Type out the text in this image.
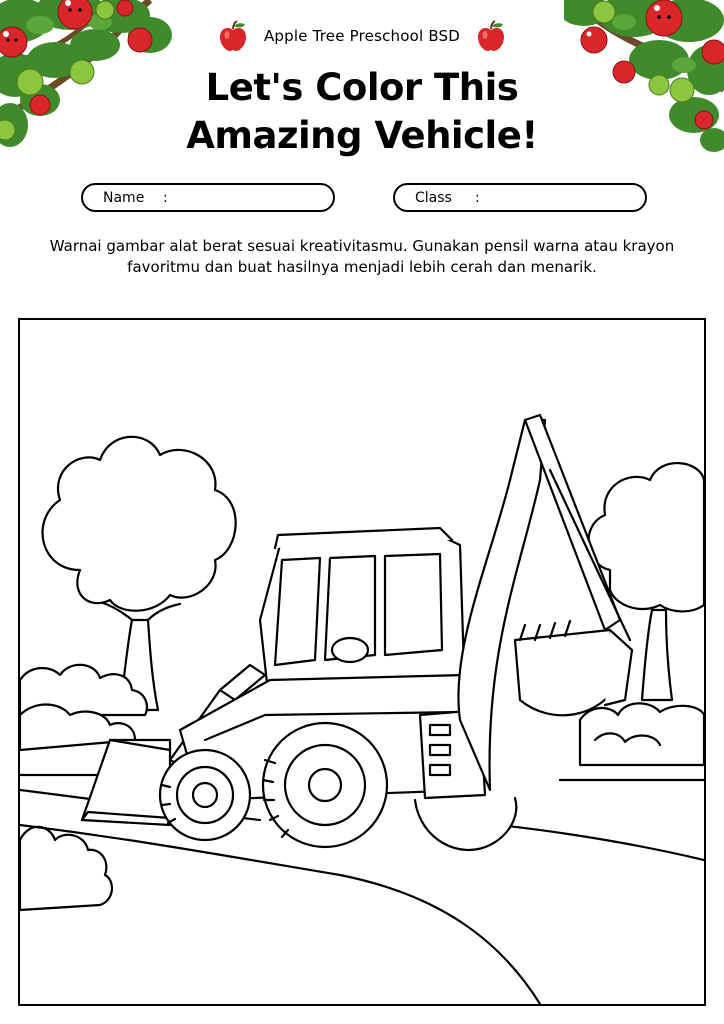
Apple Tree Preschool BSD
Let's Color This
Amazing Vehicle!
Name	:	Class	:
Warnai gambar alat berat sesuai kreativitasmu. Gunakan pensil warna atau krayon favoritmu dan buat hasilnya menjadi lebih cerah dan menarik.
